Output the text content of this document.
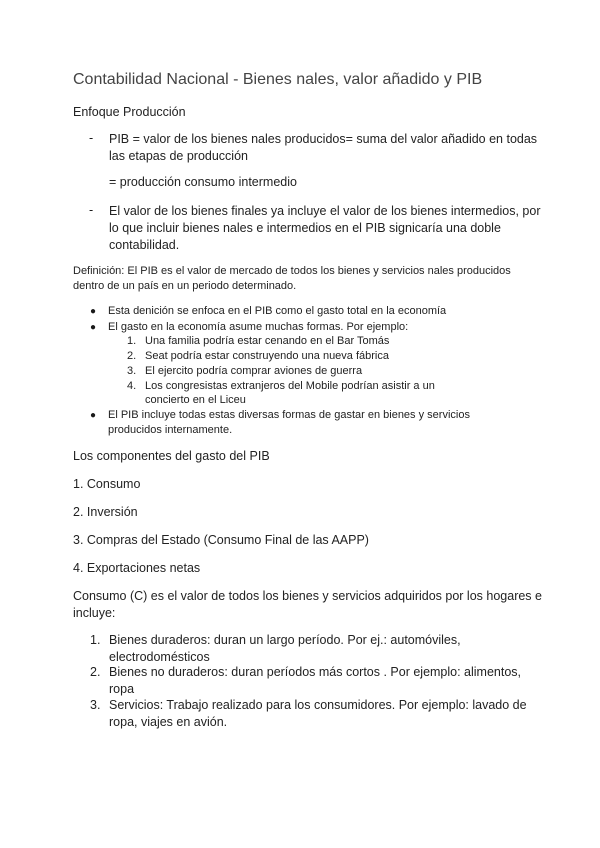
Contabilidad Nacional - Bienes nales, valor añadido y PIB
Enfoque Producción
- PIB = valor de los bienes nales producidos= suma del valor añadido en todas
las etapas de producción
= producción consumo intermedio
- El valor de los bienes finales ya incluye el valor de los bienes intermedios, por
lo que incluir bienes nales e intermedios en el PIB signicaría una doble
contabilidad.
Definición: El PIB es el valor de mercado de todos los bienes y servicios nales producidos
dentro de un país en un periodo determinado.
● Esta denición se enfoca en el PIB como el gasto total en la economía
● El gasto en la economía asume muchas formas. Por ejemplo:
1. Una familia podría estar cenando en el Bar Tomás
2. Seat podría estar construyendo una nueva fábrica
3. El ejercito podría comprar aviones de guerra
4. Los congresistas extranjeros del Mobile podrían asistir a un
concierto en el Liceu
● El PIB incluye todas estas diversas formas de gastar en bienes y servicios
producidos internamente.
Los componentes del gasto del PIB
1. Consumo
2. Inversión
3. Compras del Estado (Consumo Final de las AAPP)
4. Exportaciones netas
Consumo (C) es el valor de todos los bienes y servicios adquiridos por los hogares e
incluye:
1. Bienes duraderos: duran un largo período. Por ej.: automóviles,
electrodomésticos
2. Bienes no duraderos: duran períodos más cortos . Por ejemplo: alimentos,
ropa
3. Servicios: Trabajo realizado para los consumidores. Por ejemplo: lavado de
ropa, viajes en avión.
